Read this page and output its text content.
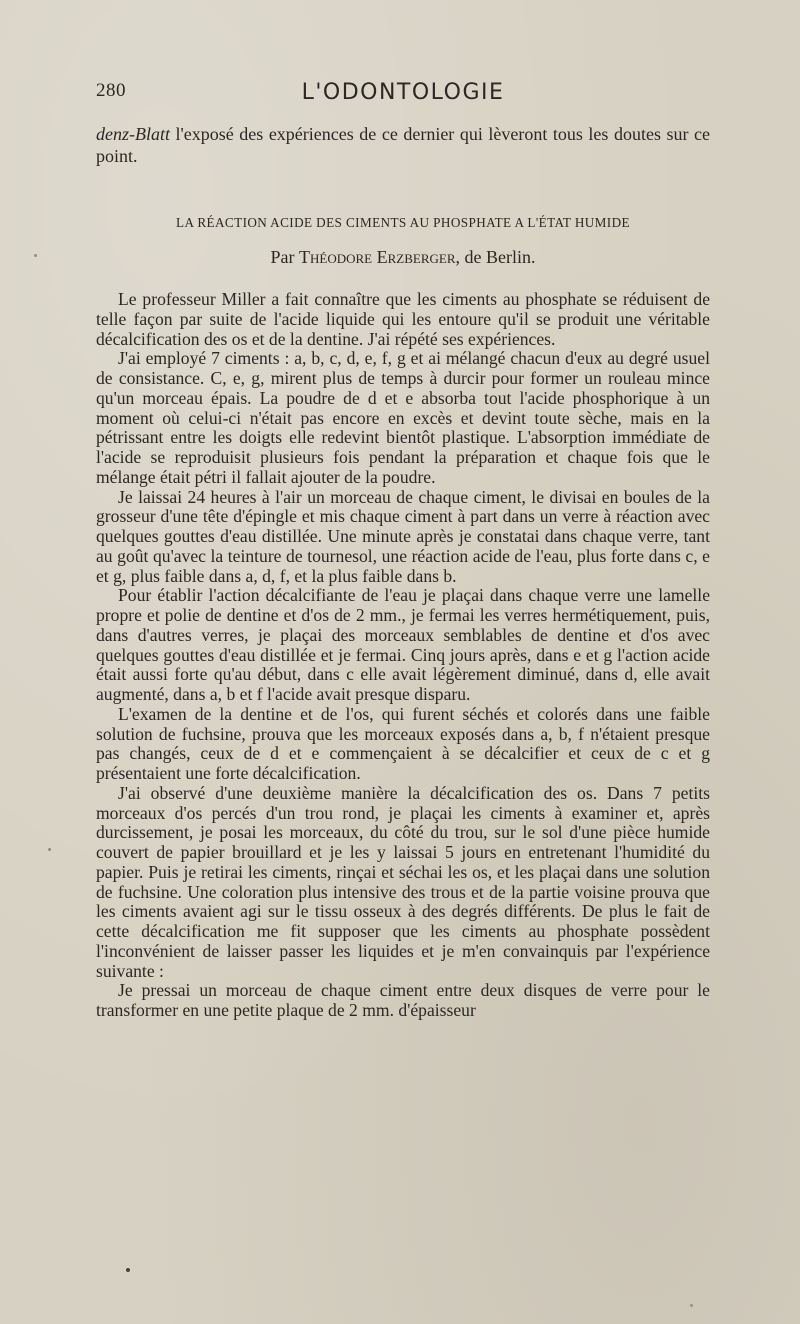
280	L'ODONTOLOGIE
denz-Blatt l'exposé des expériences de ce dernier qui lèveront tous les doutes sur ce point.
LA RÉACTION ACIDE DES CIMENTS AU PHOSPHATE A L'ÉTAT HUMIDE
Par Théodore Erzberger, de Berlin.

Le professeur Miller a fait connaître que les ciments au phosphate se réduisent de telle façon par suite de l'acide liquide qui les entoure qu'il se produit une véritable décalcification des os et de la dentine. J'ai répété ses expériences.

J'ai employé 7 ciments : a, b, c, d, e, f, g et ai mélangé chacun d'eux au degré usuel de consistance. C, e, g, mirent plus de temps à durcir pour former un rouleau mince qu'un morceau épais. La poudre de d et e absorba tout l'acide phosphorique à un moment où celui-ci n'était pas encore en excès et devint toute sèche, mais en la pétrissant entre les doigts elle redevint bientôt plastique. L'absorption immédiate de l'acide se reproduisit plusieurs fois pendant la préparation et chaque fois que le mélange était pétri il fallait ajouter de la poudre.

Je laissai 24 heures à l'air un morceau de chaque ciment, le divisai en boules de la grosseur d'une tête d'épingle et mis chaque ciment à part dans un verre à réaction avec quelques gouttes d'eau distillée. Une minute après je constatai dans chaque verre, tant au goût qu'avec la teinture de tournesol, une réaction acide de l'eau, plus forte dans c, e et g, plus faible dans a, d, f, et la plus faible dans b.

Pour établir l'action décalcifiante de l'eau je plaçai dans chaque verre une lamelle propre et polie de dentine et d'os de 2 mm., je fermai les verres hermétiquement, puis, dans d'autres verres, je plaçai des morceaux semblables de dentine et d'os avec quelques gouttes d'eau distillée et je fermai. Cinq jours après, dans e et g l'action acide était aussi forte qu'au début, dans c elle avait légèrement diminué, dans d, elle avait augmenté, dans a, b et f l'acide avait presque disparu.

L'examen de la dentine et de l'os, qui furent séchés et colorés dans une faible solution de fuchsine, prouva que les morceaux exposés dans a, b, f n'étaient presque pas changés, ceux de d et e commençaient à se décalcifier et ceux de c et g présentaient une forte décalcification.

J'ai observé d'une deuxième manière la décalcification des os. Dans 7 petits morceaux d'os percés d'un trou rond, je plaçai les ciments à examiner et, après durcissement, je posai les morceaux, du côté du trou, sur le sol d'une pièce humide couvert de papier brouillard et je les y laissai 5 jours en entretenant l'humidité du papier. Puis je retirai les ciments, rinçai et séchai les os, et les plaçai dans une solution de fuchsine. Une coloration plus intensive des trous et de la partie voisine prouva que les ciments avaient agi sur le tissu osseux à des degrés différents. De plus le fait de cette décalcification me fit supposer que les ciments au phosphate possèdent l'inconvénient de laisser passer les liquides et je m'en convainquis par l'expérience suivante :

Je pressai un morceau de chaque ciment entre deux disques de verre pour le transformer en une petite plaque de 2 mm. d'épaisseur
